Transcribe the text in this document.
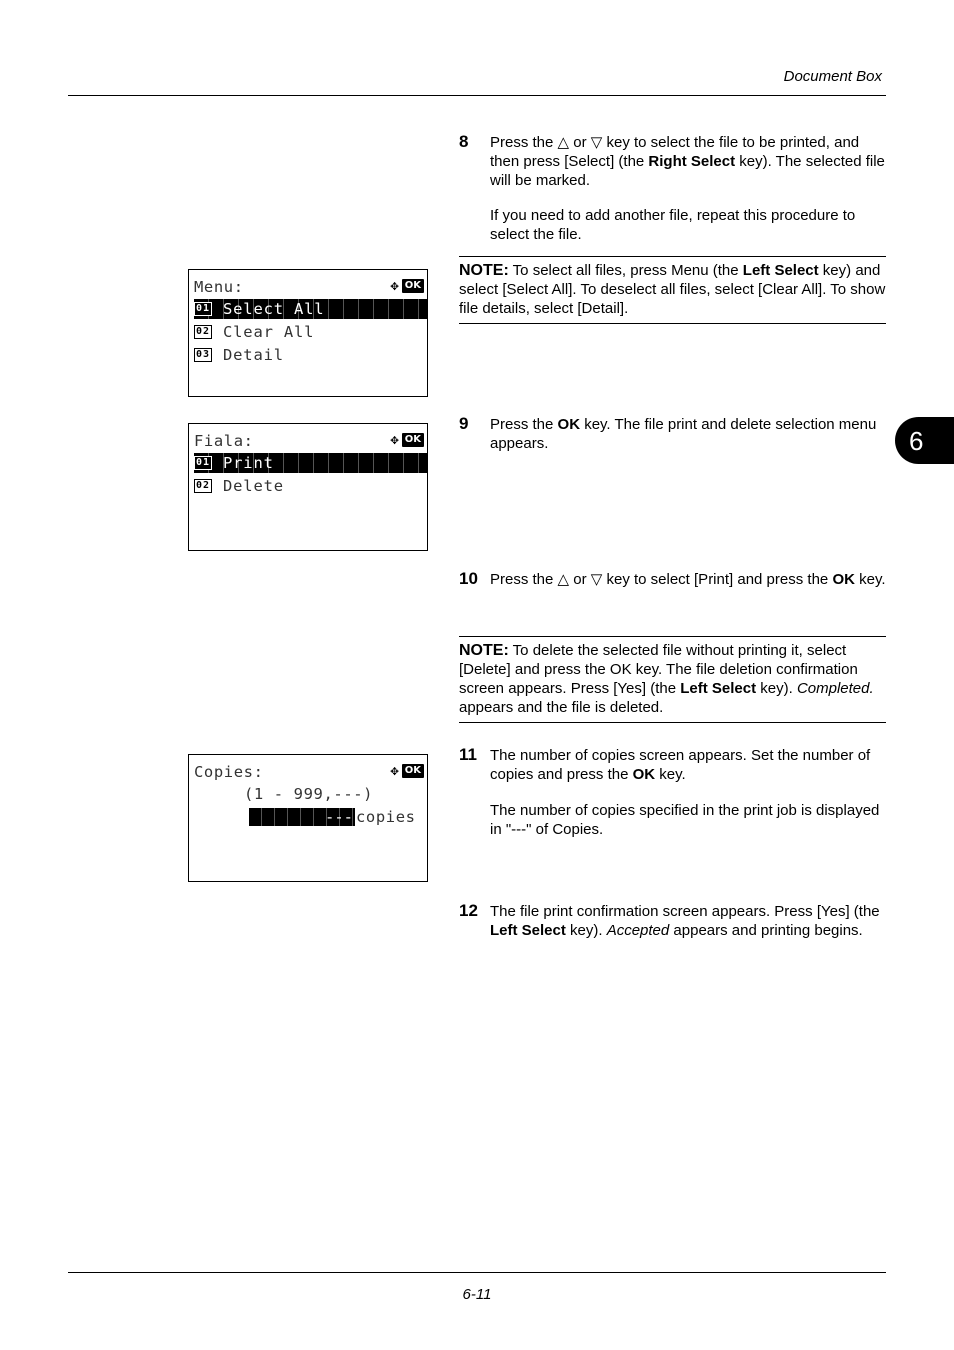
Document Box
6
8 Press the △ or ▽ key to select the file to be printed, and then press [Select] (the Right Select key). The selected file will be marked.
If you need to add another file, repeat this procedure to select the file.
NOTE: To select all files, press Menu (the Left Select key) and select [Select All]. To deselect all files, select [Clear All]. To show file details, select [Detail].
Menu:	✥ OK
01 Select All
02 Clear All
03 Detail
9 Press the OK key. The file print and delete selection menu appears.
Fiala:	✥ OK
01 Print
02 Delete
10 Press the △ or ▽ key to select [Print] and press the OK key.
NOTE: To delete the selected file without printing it, select [Delete] and press the OK key. The file deletion confirmation screen appears. Press [Yes] (the Left Select key). Completed. appears and the file is deleted.
11 The number of copies screen appears. Set the number of copies and press the OK key.
The number of copies specified in the print job is displayed in "---" of Copies.
Copies:	✥ OK
(1 - 999,---)
--- copies
12 The file print confirmation screen appears. Press [Yes] (the Left Select key). Accepted appears and printing begins.
6-11
